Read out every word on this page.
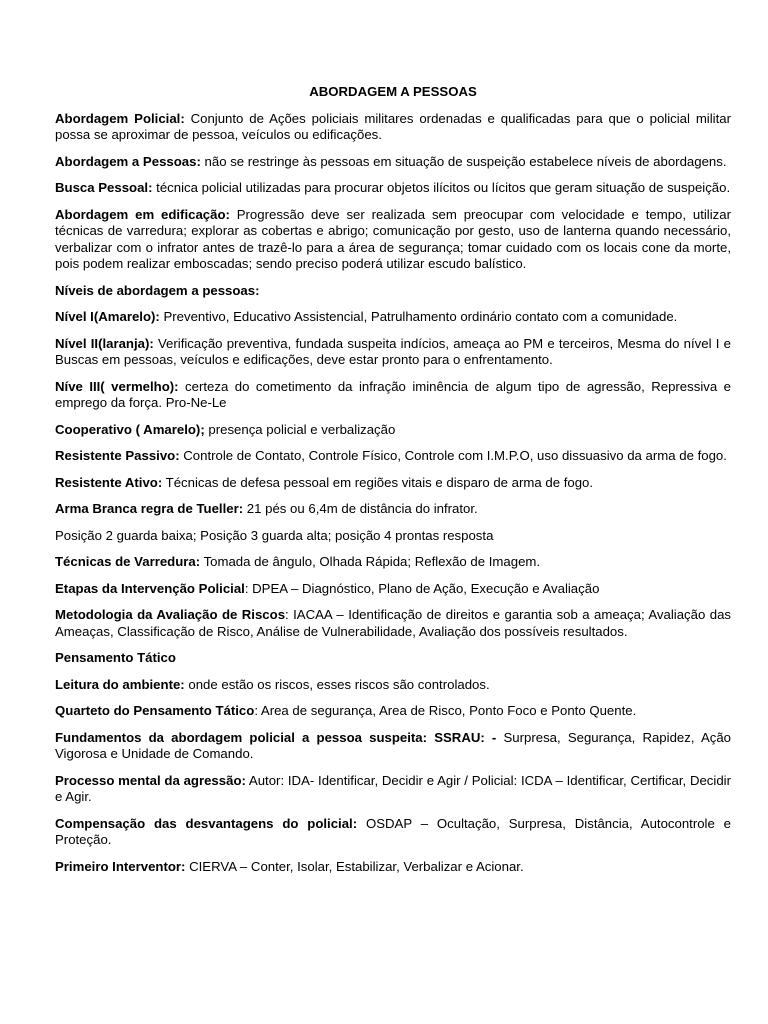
ABORDAGEM A PESSOAS
Abordagem Policial: Conjunto de Ações policiais militares ordenadas e qualificadas para que o policial militar possa se aproximar de pessoa, veículos ou edificações.
Abordagem a Pessoas: não se restringe às pessoas em situação de suspeição estabelece níveis de abordagens.
Busca Pessoal: técnica policial utilizadas para procurar objetos ilícitos ou lícitos que geram situação de suspeição.
Abordagem em edificação: Progressão deve ser realizada sem preocupar com velocidade e tempo, utilizar técnicas de varredura; explorar as cobertas e abrigo; comunicação por gesto, uso de lanterna quando necessário, verbalizar com o infrator antes de trazê-lo para a área de segurança; tomar cuidado com os locais cone da morte, pois podem realizar emboscadas; sendo preciso poderá utilizar escudo balístico.
Níveis de abordagem a pessoas:
Nível I(Amarelo): Preventivo, Educativo Assistencial, Patrulhamento ordinário contato com a comunidade.
Nível II(laranja): Verificação preventiva, fundada suspeita indícios, ameaça ao PM e terceiros, Mesma do nível I e Buscas em pessoas, veículos e edificações, deve estar pronto para o enfrentamento.
Níve III( vermelho): certeza do cometimento da infração iminência de algum tipo de agressão, Repressiva e emprego da força. Pro-Ne-Le
Cooperativo ( Amarelo); presença policial e verbalização
Resistente Passivo: Controle de Contato, Controle Físico, Controle com I.M.P.O, uso dissuasivo da arma de fogo.
Resistente Ativo: Técnicas de defesa pessoal em regiões vitais e disparo de arma de fogo.
Arma Branca regra de Tueller: 21 pés ou 6,4m de distância do infrator.
Posição 2 guarda baixa; Posição 3 guarda alta; posição 4 prontas resposta
Técnicas de Varredura: Tomada de ângulo, Olhada Rápida; Reflexão de Imagem.
Etapas da Intervenção Policial: DPEA – Diagnóstico, Plano de Ação, Execução e Avaliação
Metodologia da Avaliação de Riscos: IACAA – Identificação de direitos e garantia sob a ameaça; Avaliação das Ameaças, Classificação de Risco, Análise de Vulnerabilidade, Avaliação dos possíveis resultados.
Pensamento Tático
Leitura do ambiente: onde estão os riscos, esses riscos são controlados.
Quarteto do Pensamento Tático: Area de segurança, Area de Risco, Ponto Foco e Ponto Quente.
Fundamentos da abordagem policial a pessoa suspeita: SSRAU: - Surpresa, Segurança, Rapidez, Ação Vigorosa e Unidade de Comando.
Processo mental da agressão: Autor: IDA- Identificar, Decidir e Agir / Policial: ICDA – Identificar, Certificar, Decidir e Agir.
Compensação das desvantagens do policial: OSDAP – Ocultação, Surpresa, Distância, Autocontrole e Proteção.
Primeiro Interventor: CIERVA – Conter, Isolar, Estabilizar, Verbalizar e Acionar.
